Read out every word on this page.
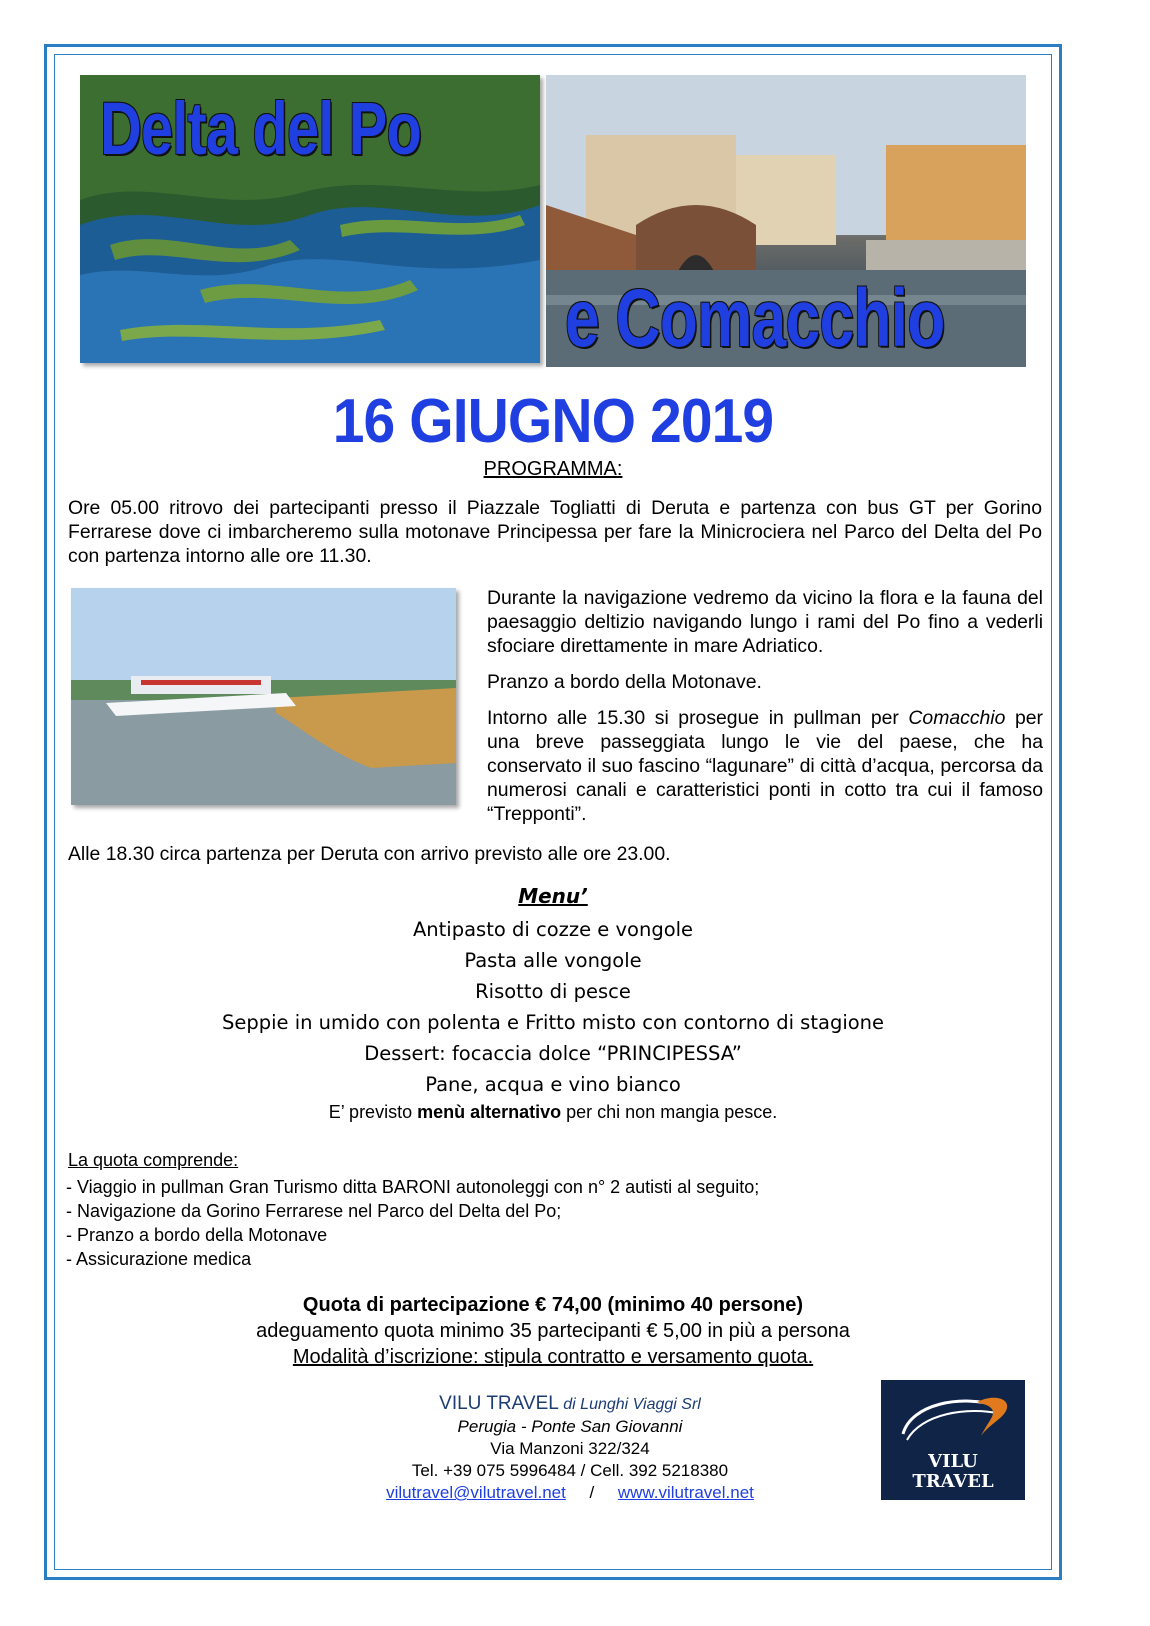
Delta del Po
e Comacchio
16 GIUGNO 2019
PROGRAMMA:
Ore 05.00 ritrovo dei partecipanti presso il Piazzale Togliatti di Deruta e partenza con bus GT per Gorino Ferrarese dove ci imbarcheremo sulla motonave Principessa per fare la Minicrociera nel Parco del Delta del Po con partenza intorno alle ore 11.30.
Durante la navigazione vedremo da vicino la flora e la fauna del paesaggio deltizio navigando lungo i rami del Po fino a vederli sfociare direttamente in mare Adriatico.
Pranzo a bordo della Motonave.
Intorno alle 15.30 si prosegue in pullman per Comacchio per una breve passeggiata lungo le vie del paese, che ha conservato il suo fascino “lagunare” di città d’acqua, percorsa da numerosi canali e caratteristici ponti in cotto tra cui il famoso “Trepponti”.
Alle 18.30 circa partenza per Deruta con arrivo previsto alle ore 23.00.
Menu’
Antipasto di cozze e vongole
Pasta alle vongole
Risotto di pesce
Seppie in umido con polenta e Fritto misto con contorno di stagione
Dessert: focaccia dolce “PRINCIPESSA”
Pane, acqua e vino bianco
E’ previsto menù alternativo per chi non mangia pesce.
La quota comprende:
- Viaggio in pullman Gran Turismo ditta BARONI autonoleggi con n° 2 autisti al seguito;
- Navigazione da Gorino Ferrarese nel Parco del Delta del Po;
- Pranzo a bordo della Motonave
- Assicurazione medica
Quota di partecipazione € 74,00 (minimo 40 persone)
adeguamento quota minimo 35 partecipanti € 5,00 in più a persona
Modalità d’iscrizione: stipula contratto e versamento quota.
VILU TRAVEL di Lunghi Viaggi Srl
Perugia - Ponte San Giovanni
Via Manzoni 322/324
Tel. +39 075 5996484 / Cell. 392 5218380
vilutravel@vilutravel.net / www.vilutravel.net
VILU
TRAVEL
